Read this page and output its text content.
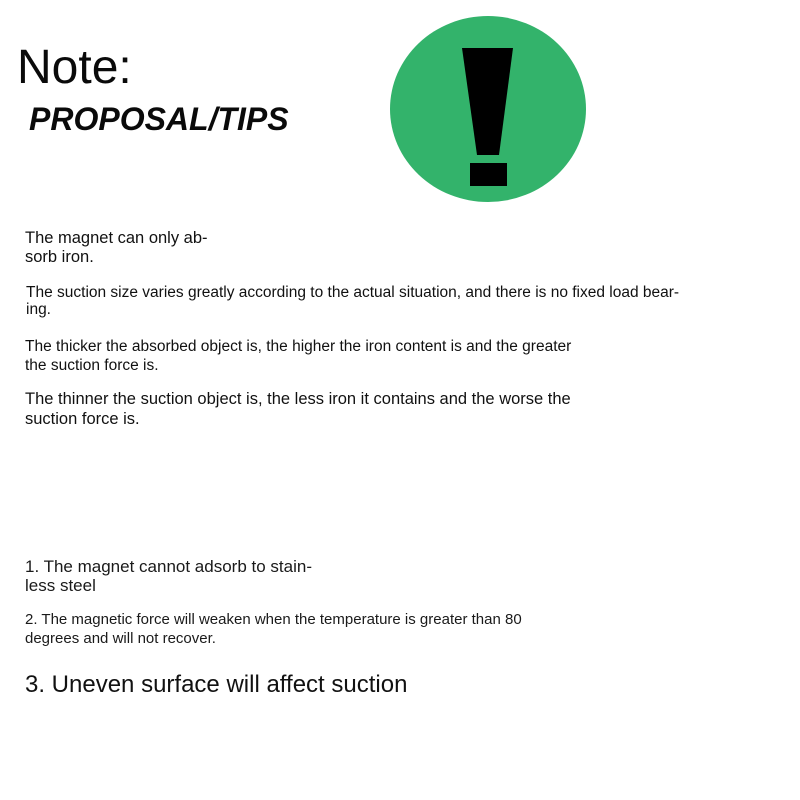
Note:
PROPOSAL/TIPS

The magnet can only ab-
sorb iron.

The suction size varies greatly according to the actual situation, and there is no fixed load bear-
ing.

The thicker the absorbed object is, the higher the iron content is and the greater
the suction force is.

The thinner the suction object is, the less iron it contains and the worse the
suction force is.

1. The magnet cannot adsorb to stain-
less steel

2. The magnetic force will weaken when the temperature is greater than 80
degrees and will not recover.

3. Uneven surface will affect suction
